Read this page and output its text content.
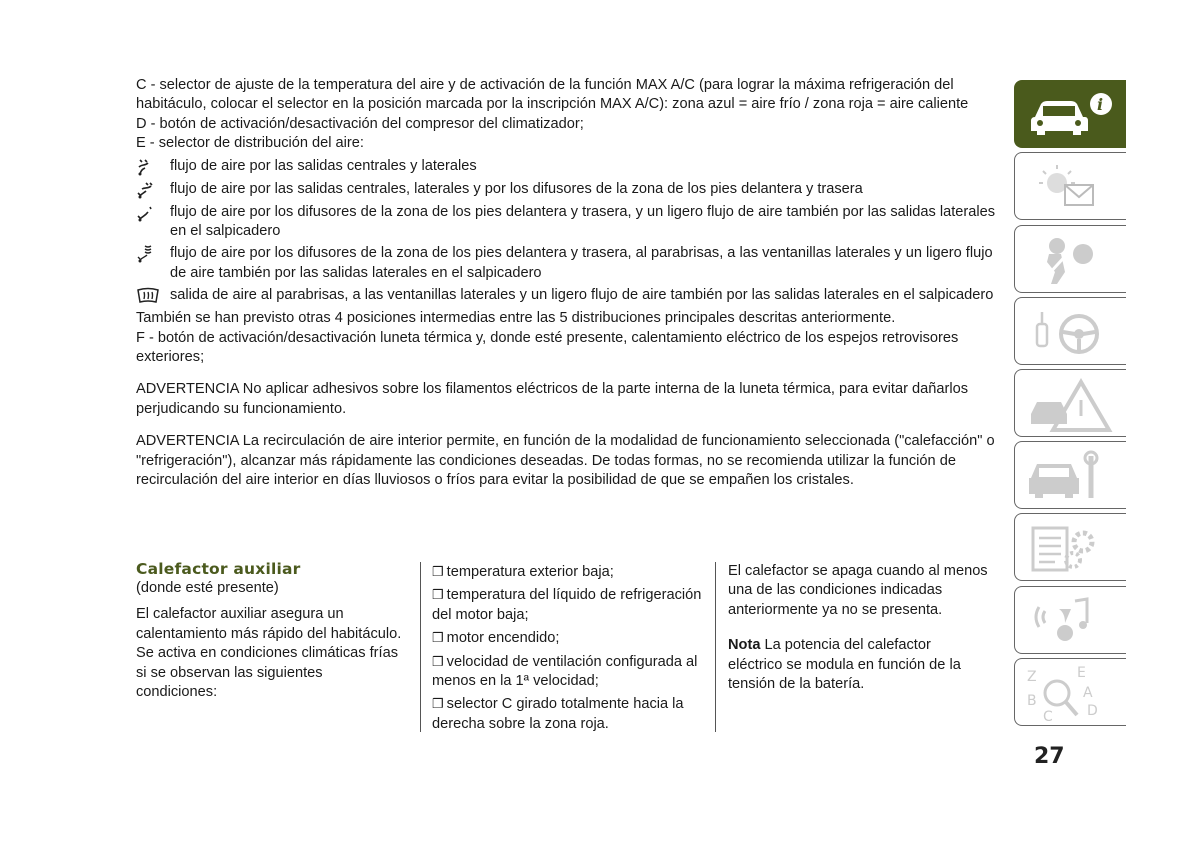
C - selector de ajuste de la temperatura del aire y de activación de la función MAX A/C (para lograr la máxima refrigeración del habitáculo, colocar el selector en la posición marcada por la inscripción MAX A/C): zona azul = aire frío / zona roja = aire caliente

D - botón de activación/desactivación del compresor del climatizador;

E - selector de distribución del aire:

flujo de aire por las salidas centrales y laterales
flujo de aire por las salidas centrales, laterales y por los difusores de la zona de los pies delantera y trasera
flujo de aire por los difusores de la zona de los pies delantera y trasera, y un ligero flujo de aire también por las salidas laterales en el salpicadero
flujo de aire por los difusores de la zona de los pies delantera y trasera, al parabrisas, a las ventanillas laterales y un ligero flujo de aire también por las salidas laterales en el salpicadero
salida de aire al parabrisas, a las ventanillas laterales y un ligero flujo de aire también por las salidas laterales en el salpicadero

También se han previsto otras 4 posiciones intermedias entre las 5 distribuciones principales descritas anteriormente.

F - botón de activación/desactivación luneta térmica y, donde esté presente, calentamiento eléctrico de los espejos retrovisores exteriores;

ADVERTENCIA No aplicar adhesivos sobre los filamentos eléctricos de la parte interna de la luneta térmica, para evitar dañarlos perjudicando su funcionamiento.

ADVERTENCIA La recirculación de aire interior permite, en función de la modalidad de funcionamiento seleccionada ("calefacción" o "refrigeración"), alcanzar más rápidamente las condiciones deseadas. De todas formas, no se recomienda utilizar la función de recirculación del aire interior en días lluviosos o fríos para evitar la posibilidad de que se empañen los cristales.

Calefactor auxiliar

(donde esté presente)

El calefactor auxiliar asegura un calentamiento más rápido del habitáculo.

Se activa en condiciones climáticas frías si se observan las siguientes condiciones:

❒ temperatura exterior baja;
❒ temperatura del líquido de refrigeración del motor baja;
❒ motor encendido;
❒ velocidad de ventilación configurada al menos en la 1ª velocidad;
❒ selector C girado totalmente hacia la derecha sobre la zona roja.

El calefactor se apaga cuando al menos una de las condiciones indicadas anteriormente ya no se presenta.

Nota La potencia del calefactor eléctrico se modula en función de la tensión de la batería.

i
Z	E
A
B
D
C
27
